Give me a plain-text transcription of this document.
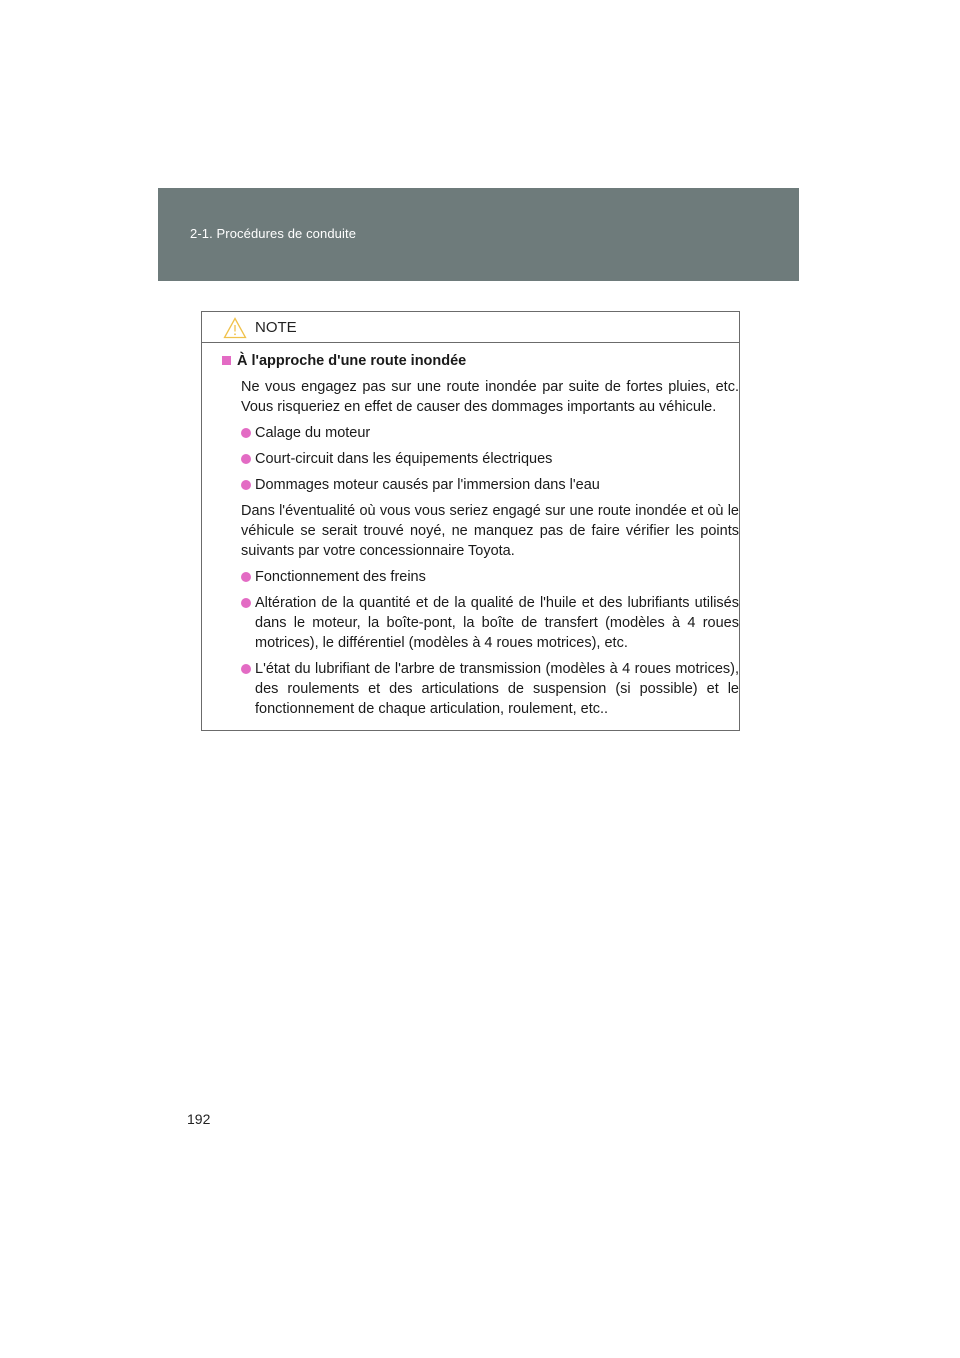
2-1. Procédures de conduite
NOTE
À l'approche d'une route inondée
Ne vous engagez pas sur une route inondée par suite de fortes pluies, etc. Vous risqueriez en effet de causer des dommages importants au véhicule.
Calage du moteur
Court-circuit dans les équipements électriques
Dommages moteur causés par l'immersion dans l'eau
Dans l'éventualité où vous vous seriez engagé sur une route inondée et où le véhicule se serait trouvé noyé, ne manquez pas de faire vérifier les points suivants par votre concessionnaire Toyota.
Fonctionnement des freins
Altération de la quantité et de la qualité de l'huile et des lubrifiants utilisés dans le moteur, la boîte-pont, la boîte de transfert (modèles à 4 roues motrices), le différentiel (modèles à 4 roues motrices), etc.
L'état du lubrifiant de l'arbre de transmission (modèles à 4 roues motrices), des roulements et des articulations de suspension (si possible) et le fonctionnement de chaque articulation, roulement, etc..
192
